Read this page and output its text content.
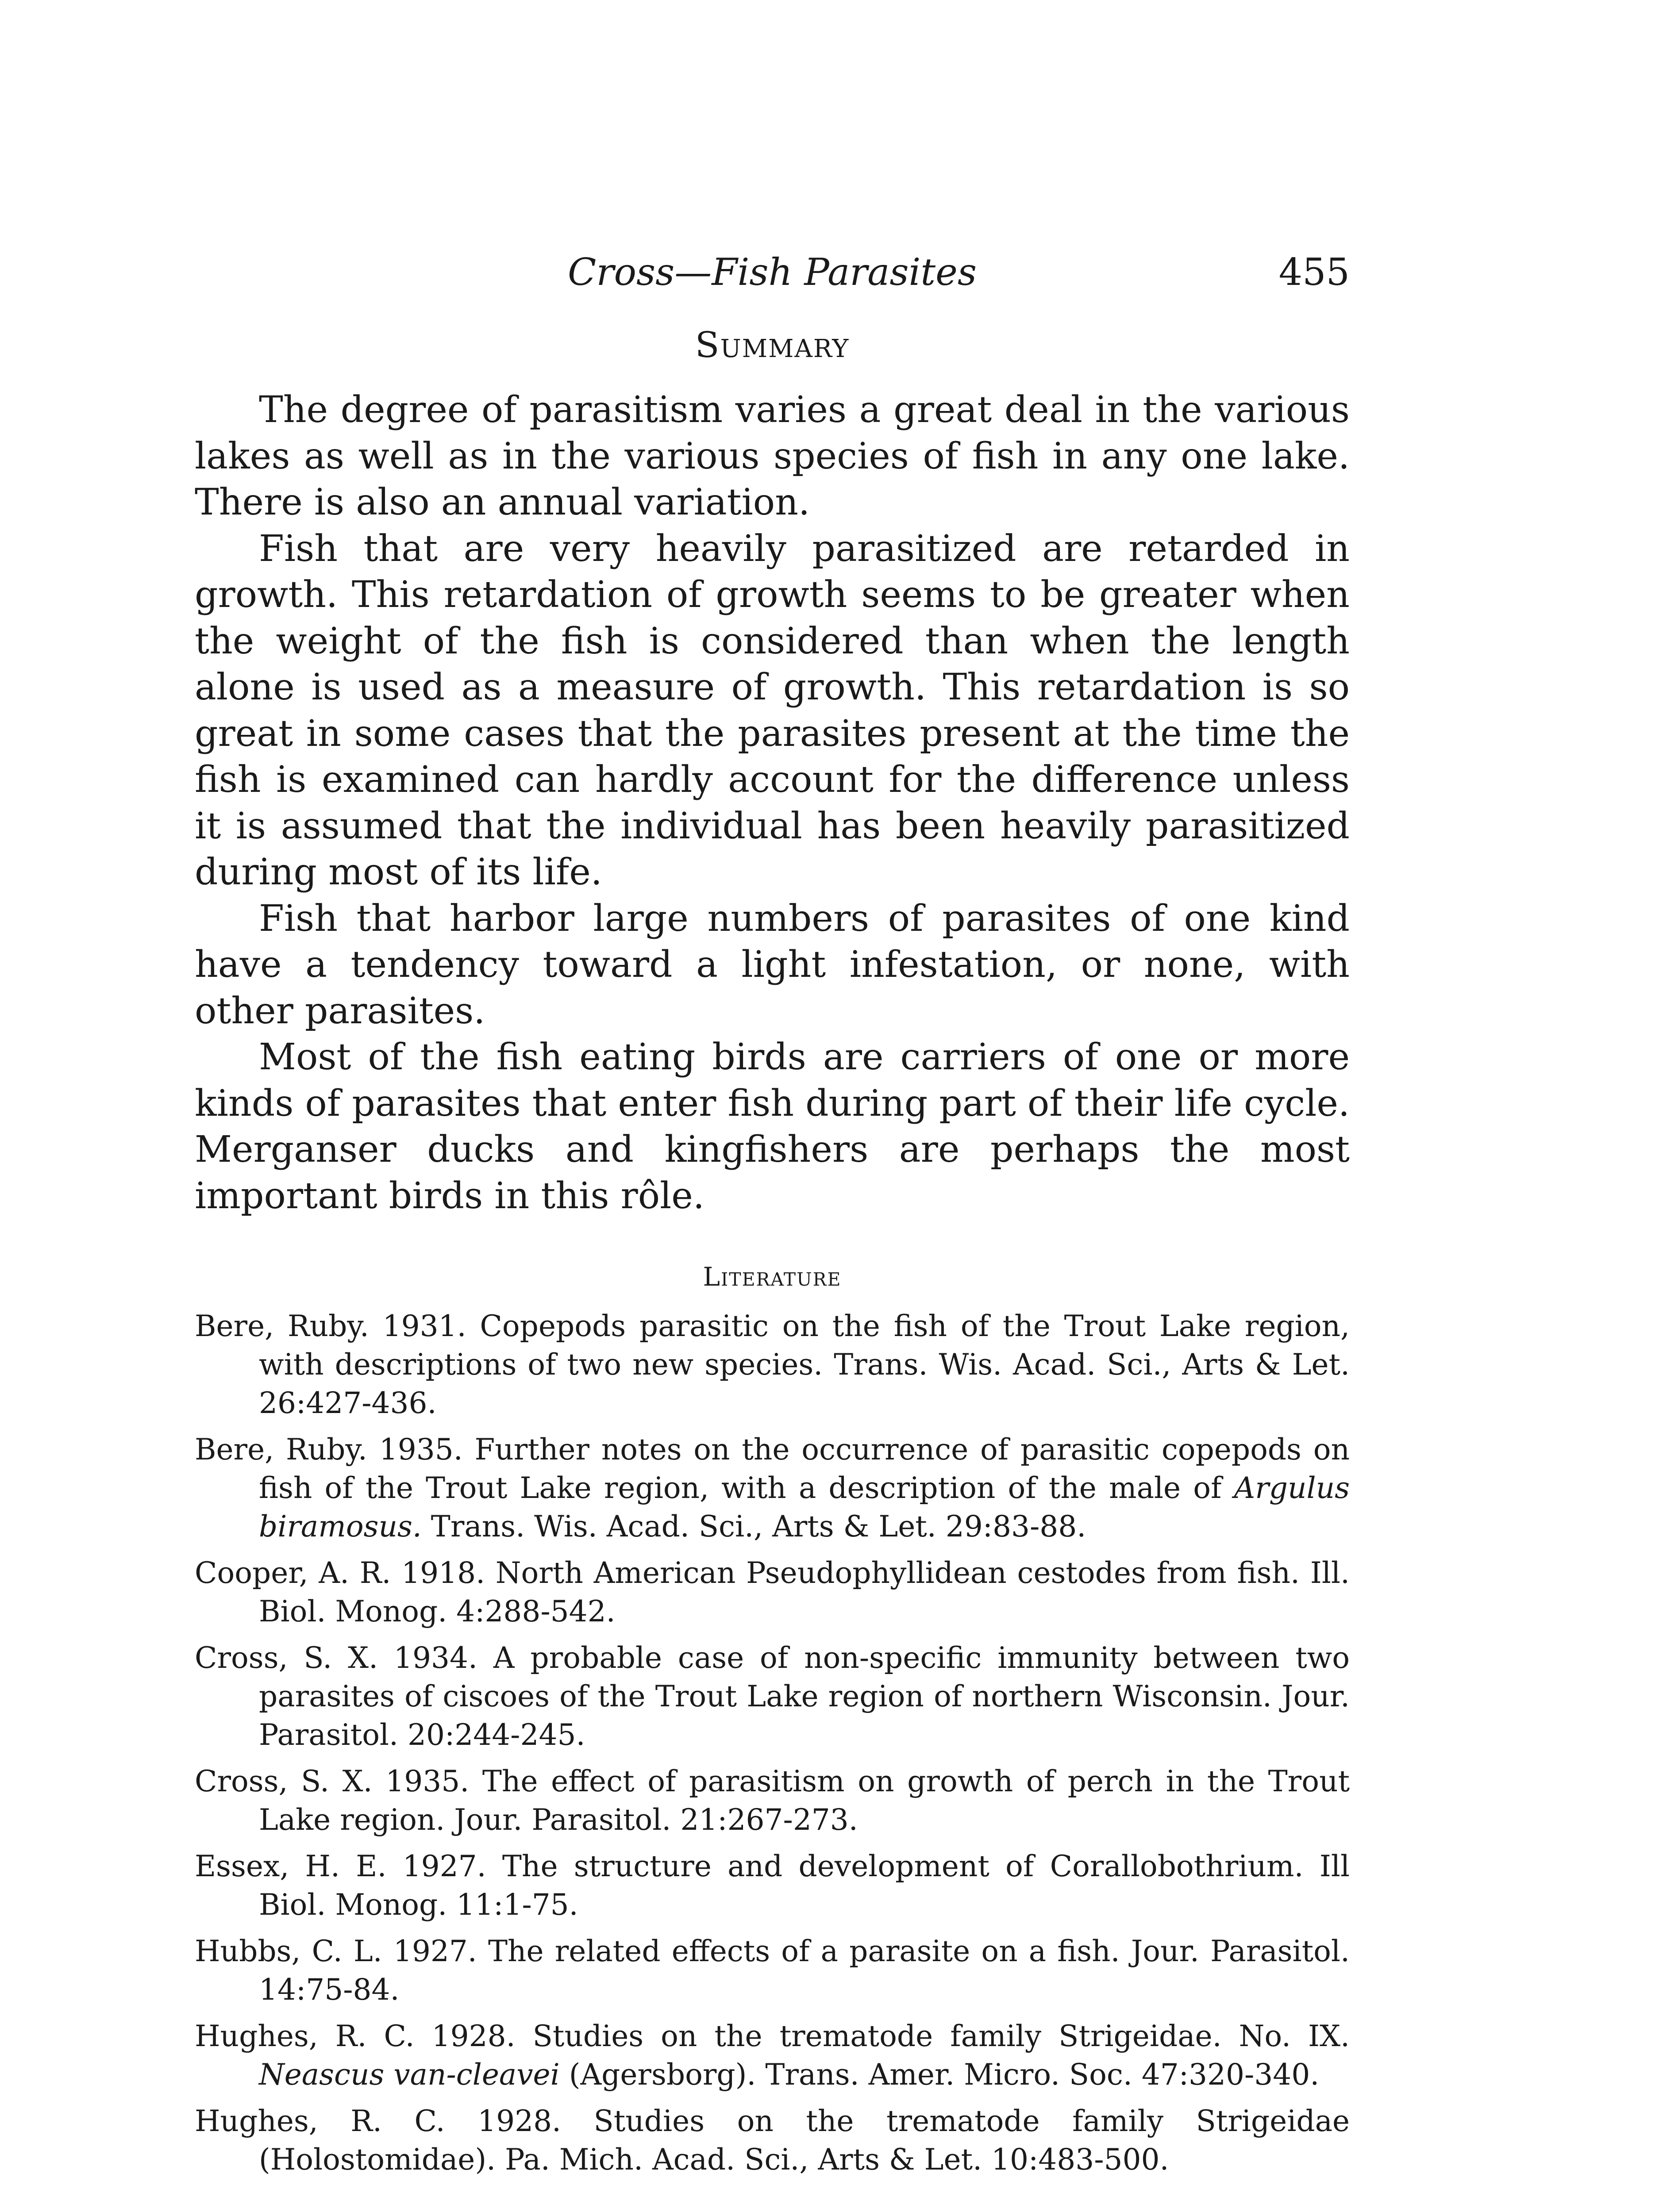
Cross—Fish Parasites	455
Summary

The degree of parasitism varies a great deal in the various lakes as well as in the various species of fish in any one lake. There is also an annual variation.

Fish that are very heavily parasitized are retarded in growth. This retardation of growth seems to be greater when the weight of the fish is considered than when the length alone is used as a measure of growth. This retardation is so great in some cases that the parasites present at the time the fish is examined can hardly account for the difference unless it is assumed that the individual has been heavily parasitized during most of its life.

Fish that harbor large numbers of parasites of one kind have a tendency toward a light infestation, or none, with other parasites.

Most of the fish eating birds are carriers of one or more kinds of parasites that enter fish during part of their life cycle. Merganser ducks and kingfishers are perhaps the most important birds in this rôle.

Literature
Bere, Ruby. 1931. Copepods parasitic on the fish of the Trout Lake region, with descriptions of two new species. Trans. Wis. Acad. Sci., Arts & Let. 26:427-436.
Bere, Ruby. 1935. Further notes on the occurrence of parasitic copepods on fish of the Trout Lake region, with a description of the male of Argulus biramosus. Trans. Wis. Acad. Sci., Arts & Let. 29:83-88.
Cooper, A. R. 1918. North American Pseudophyllidean cestodes from fish. Ill. Biol. Monog. 4:288-542.
Cross, S. X. 1934. A probable case of non-specific immunity between two parasites of ciscoes of the Trout Lake region of northern Wisconsin. Jour. Parasitol. 20:244-245.
Cross, S. X. 1935. The effect of parasitism on growth of perch in the Trout Lake region. Jour. Parasitol. 21:267-273.
Essex, H. E. 1927. The structure and development of Corallobothrium. Ill Biol. Monog. 11:1-75.
Hubbs, C. L. 1927. The related effects of a parasite on a fish. Jour. Parasitol. 14:75-84.
Hughes, R. C. 1928. Studies on the trematode family Strigeidae. No. IX. Neascus van-cleavei (Agersborg). Trans. Amer. Micro. Soc. 47:320-340.
Hughes, R. C. 1928. Studies on the trematode family Strigeidae (Holostomidae). Pa. Mich. Acad. Sci., Arts & Let. 10:483-500.
